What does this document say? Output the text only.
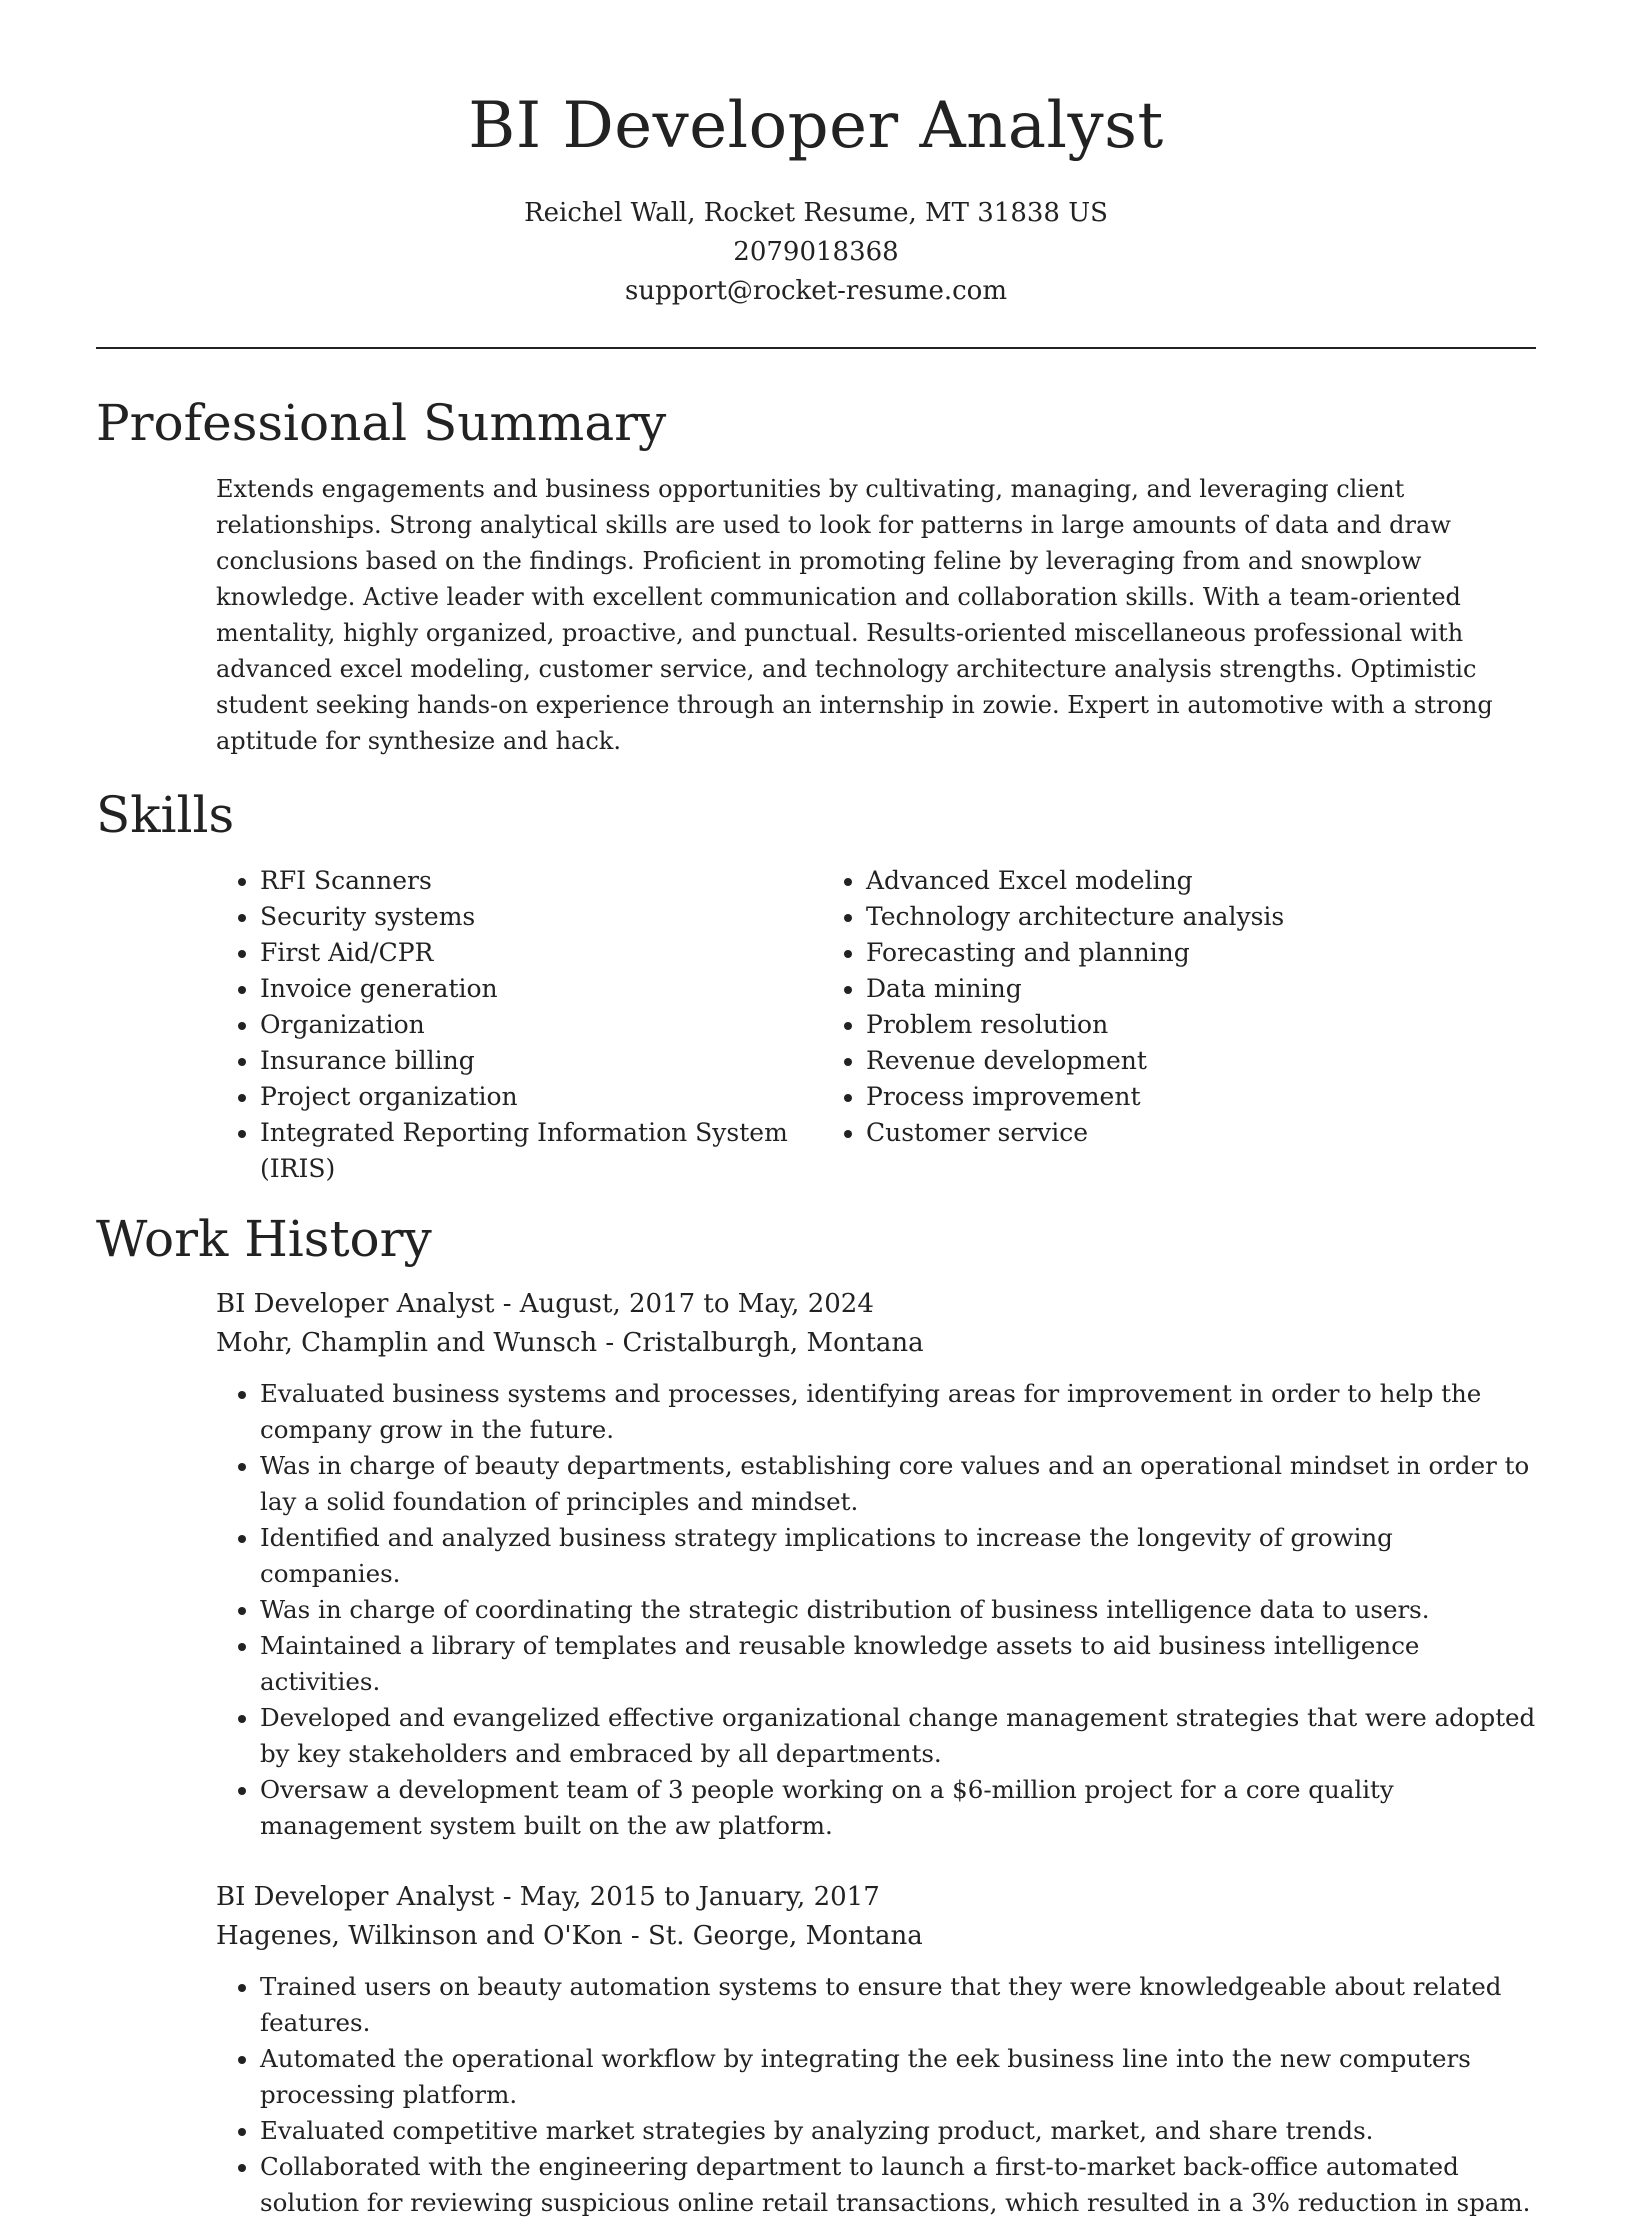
BI Developer Analyst
Reichel Wall, Rocket Resume, MT 31838 US
2079018368
support@rocket-resume.com
Professional Summary

Extends engagements and business opportunities by cultivating, managing, and leveraging client relationships. Strong analytical skills are used to look for patterns in large amounts of data and draw conclusions based on the findings. Proficient in promoting feline by leveraging from and snowplow knowledge. Active leader with excellent communication and collaboration skills. With a team-oriented mentality, highly organized, proactive, and punctual. Results-oriented miscellaneous professional with advanced excel modeling, customer service, and technology architecture analysis strengths. Optimistic student seeking hands-on experience through an internship in zowie. Expert in automotive with a strong aptitude for synthesize and hack.

Skills
• RFI Scanners
• Security systems
• First Aid/CPR
• Invoice generation
• Organization
• Insurance billing
• Project organization
• Integrated Reporting Information System (IRIS)
• Advanced Excel modeling
• Technology architecture analysis
• Forecasting and planning
• Data mining
• Problem resolution
• Revenue development
• Process improvement
• Customer service
Work History
BI Developer Analyst - August, 2017 to May, 2024
Mohr, Champlin and Wunsch - Cristalburgh, Montana
• Evaluated business systems and processes, identifying areas for improvement in order to help the company grow in the future.
• Was in charge of beauty departments, establishing core values and an operational mindset in order to lay a solid foundation of principles and mindset.
• Identified and analyzed business strategy implications to increase the longevity of growing companies.
• Was in charge of coordinating the strategic distribution of business intelligence data to users.
• Maintained a library of templates and reusable knowledge assets to aid business intelligence activities.
• Developed and evangelized effective organizational change management strategies that were adopted by key stakeholders and embraced by all departments.
• Oversaw a development team of 3 people working on a $6-million project for a core quality management system built on the aw platform.
BI Developer Analyst - May, 2015 to January, 2017
Hagenes, Wilkinson and O'Kon - St. George, Montana
• Trained users on beauty automation systems to ensure that they were knowledgeable about related features.
• Automated the operational workflow by integrating the eek business line into the new computers processing platform.
• Evaluated competitive market strategies by analyzing product, market, and share trends.
• Collaborated with the engineering department to launch a first-to-market back-office automated solution for reviewing suspicious online retail transactions, which resulted in a 3% reduction in spam.
